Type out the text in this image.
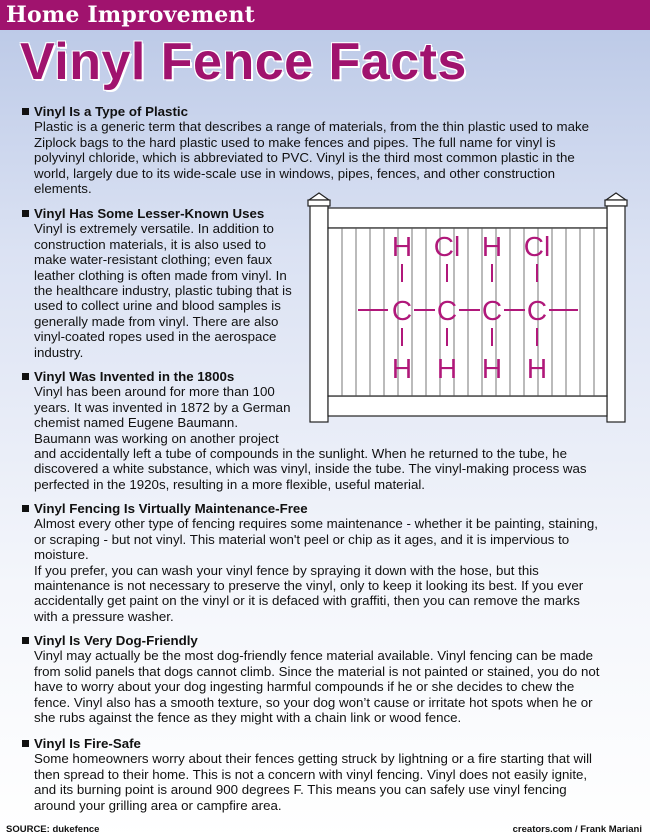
Home Improvement
Vinyl Fence Facts
H
C
H
Cl
C
H
H
C
H
Cl
C
H
Vinyl Is a Type of Plastic
Plastic is a generic term that describes a range of materials, from the thin plastic used to make
Ziplock bags to the hard plastic used to make fences and pipes. The full name for vinyl is
polyvinyl chloride, which is abbreviated to PVC. Vinyl is the third most common plastic in the
world, largely due to its wide-scale use in windows, pipes, fences, and other construction
elements.
Vinyl Has Some Lesser-Known Uses
Vinyl is extremely versatile. In addition to
construction materials, it is also used to
make water-resistant clothing; even faux
leather clothing is often made from vinyl. In
the healthcare industry, plastic tubing that is
used to collect urine and blood samples is
generally made from vinyl. There are also
vinyl-coated ropes used in the aerospace
industry.
Vinyl Was Invented in the 1800s
Vinyl has been around for more than 100
years. It was invented in 1872 by a German
chemist named Eugene Baumann.
Baumann was working on another project
and accidentally left a tube of compounds in the sunlight. When he returned to the tube, he
discovered a white substance, which was vinyl, inside the tube. The vinyl-making process was
perfected in the 1920s, resulting in a more flexible, useful material.
Vinyl Fencing Is Virtually Maintenance-Free
Almost every other type of fencing requires some maintenance - whether it be painting, staining,
or scraping - but not vinyl. This material won't peel or chip as it ages, and it is impervious to
moisture.
If you prefer, you can wash your vinyl fence by spraying it down with the hose, but this
maintenance is not necessary to preserve the vinyl, only to keep it looking its best. If you ever
accidentally get paint on the vinyl or it is defaced with graffiti, then you can remove the marks
with a pressure washer.
Vinyl Is Very Dog-Friendly
Vinyl may actually be the most dog-friendly fence material available. Vinyl fencing can be made
from solid panels that dogs cannot climb. Since the material is not painted or stained, you do not
have to worry about your dog ingesting harmful compounds if he or she decides to chew the
fence. Vinyl also has a smooth texture, so your dog won’t cause or irritate hot spots when he or
she rubs against the fence as they might with a chain link or wood fence.
Vinyl Is Fire-Safe
Some homeowners worry about their fences getting struck by lightning or a fire starting that will
then spread to their home. This is not a concern with vinyl fencing. Vinyl does not easily ignite,
and its burning point is around 900 degrees F. This means you can safely use vinyl fencing
around your grilling area or campfire area.
SOURCE: dukefence	creators.com / Frank Mariani
